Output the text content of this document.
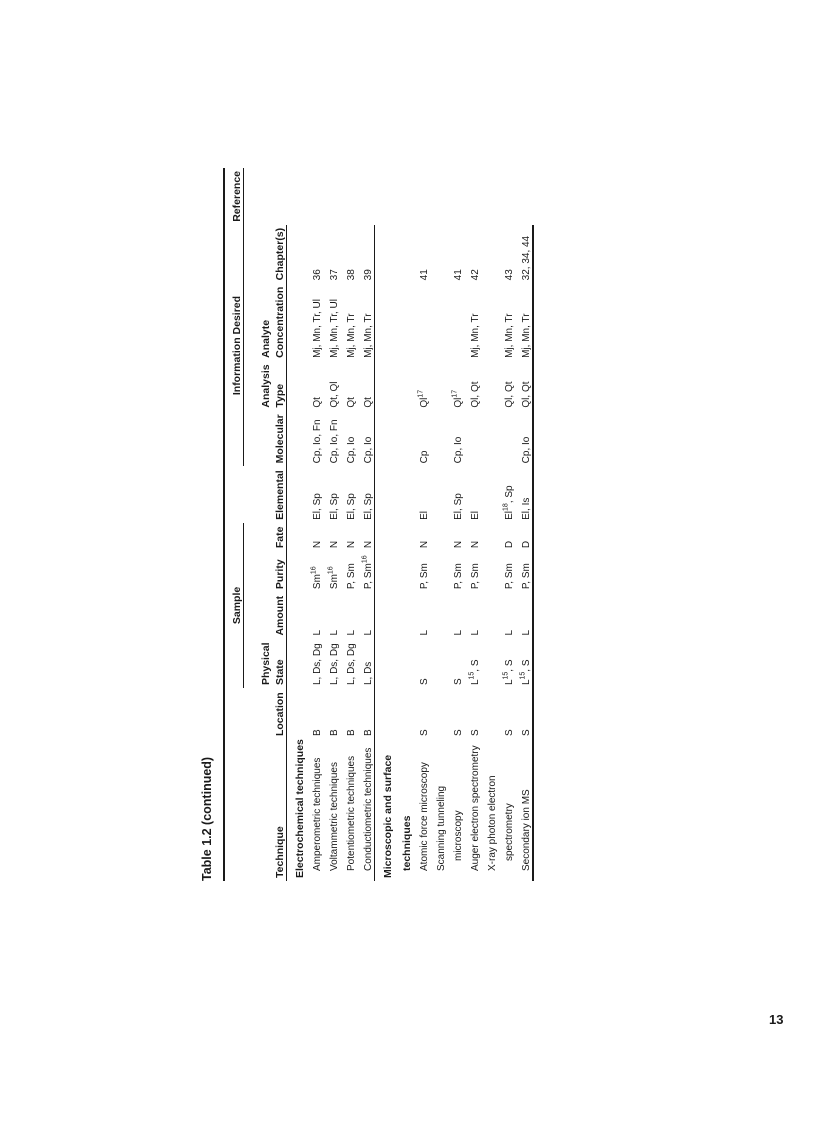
Table 1.2 (continued)
		Sample					Information Desired				Reference
		Physical						Analysis	Analyte		
Technique	Location	State	Amount	Purity	Fate	Elemental	Molecular	Type	Concentration	Chapter(s)	
Electrochemical techniques											
Amperometric techniques	B	L, Ds, Dg	L	Sm$^{16}$	N	El, Sp	Cp, Io, Fn	Qt	Mj, Mn, Tr, Ul	36	
Voltammetric techniques	B	L, Ds, Dg	L	Sm$^{16}$	N	El, Sp	Cp, Io, Fn	Qt, Ql	Mj, Mn, Tr, Ul	37	
Potentiometric techniques	B	L, Ds, Dg	L	P, Sm	N	El, Sp	Cp, Io	Qt	Mj, Mn, Tr	38	
Conductiometric techniques	B	L, Ds	L	P, Sm$^{16}$	N	El, Sp	Cp, Io	Qt	Mj, Mn, Tr	39	
Microscopic and surface											
techniques											
Atomic force microscopy	S	S	L	P, Sm	N	El	Cp	Ql$^{17}$		41	
Scanning tunneling											
microscopy	S	S	L	P, Sm	N	El, Sp	Cp, Io	Ql$^{17}$		41	
Auger electron spectrometry	S	$L^{15}$, S	L	P, Sm	N	El		Ql, Qt	Mj, Mn, Tr	42	
X-ray photon electron											
spectrometry	S	$L^{15}$, S	L	P, Sm	D	El$^{18}$, Sp		Ql, Qt	Mj, Mn, Tr	43	
Secondary ion MS	S	$L^{15}$, S	L	P, Sm	D	El, Is	Cp, Io	Ql, Qt	Mj, Mn, Tr	32, 34, 44	
13
